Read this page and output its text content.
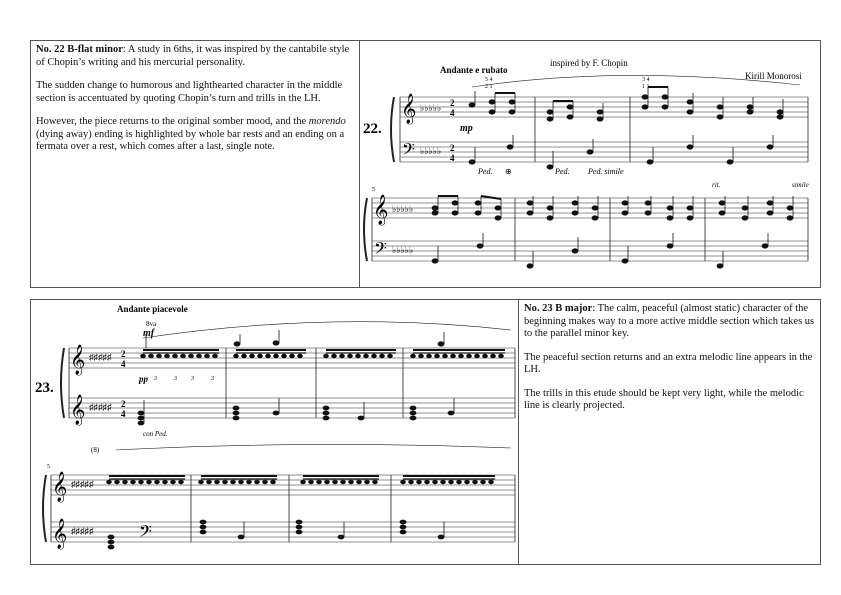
No. 22 B-flat minor: A study in 6ths, it was inspired by the cantabile style of Chopin’s writing and his mercurial personality.

The sudden change to humorous and lighthearted character in the middle section is accentuated by quoting Chopin’s turn and trills in the LH.

However, the piece returns to the original somber mood, and the morendo (dying away) ending is highlighted by whole bar rests and an ending on a fermata over a rest, which comes after a last, single note.

Andante e rubato
inspired by F. Chopin
Kirill Monorosi
5 4
2 1
3 4
1 1
22.	mp
𝄞
𝄢
♭♭♭♭♭
♭♭♭♭♭
2
4
2
4
Ped. ⊕	Ped. Ped. simile
5
rit.	simile
𝄞
𝄢
♭♭♭♭♭
♭♭♭♭♭
Andante piacevole
8va
mf
pp
23.
𝄞
𝄞
♯♯♯♯♯
♯♯♯♯♯
2
4
2
4
3	3 3	3
con Ped.
(8)
5
𝄞
𝄞
♯♯♯♯♯
♯♯♯♯♯ 𝄢

No. 23 B major: The calm, peaceful (almost static) character of the beginning makes way to a more active middle section which takes us to the parallel minor key.

The peaceful section returns and an extra melodic line appears in the LH.

The trills in this etude should be kept very light, while the melodic line is clearly projected.
